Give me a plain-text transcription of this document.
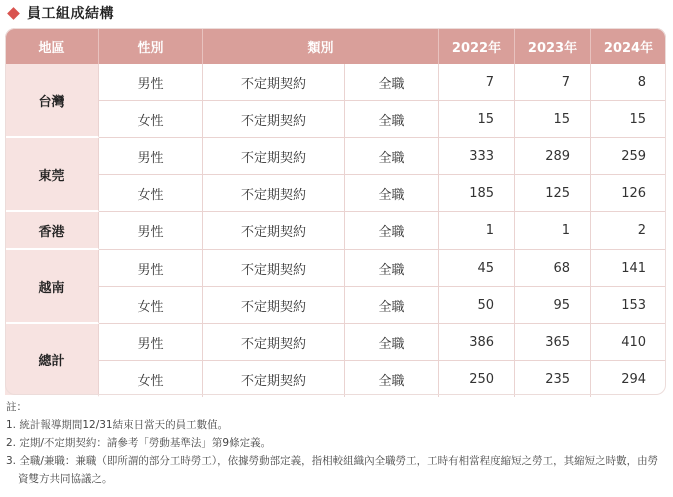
員工組成結構
地區	性別	類別		2022年	2023年	2024年
台灣	男性	不定期契約	全職	7	7	8
	女性	不定期契約	全職	15	15	15
東莞	男性	不定期契約	全職	333	289	259
	女性	不定期契約	全職	185	125	126
香港	男性	不定期契約	全職	1	1	2
越南	男性	不定期契約	全職	45	68	141
	女性	不定期契約	全職	50	95	153
總計	男性	不定期契約	全職	386	365	410
	女性	不定期契約	全職	250	235	294
註：
1. 統計報導期間12/31結束日當天的員工數值。
2. 定期/不定期契約：請參考「勞動基準法」第9條定義。
3. 全職/兼職：兼職（即所謂的部分工時勞工），依據勞動部定義，指相較組織內全職勞工，工時有相當程度縮短之勞工，其縮短之時數，由勞資雙方共同協議之。
